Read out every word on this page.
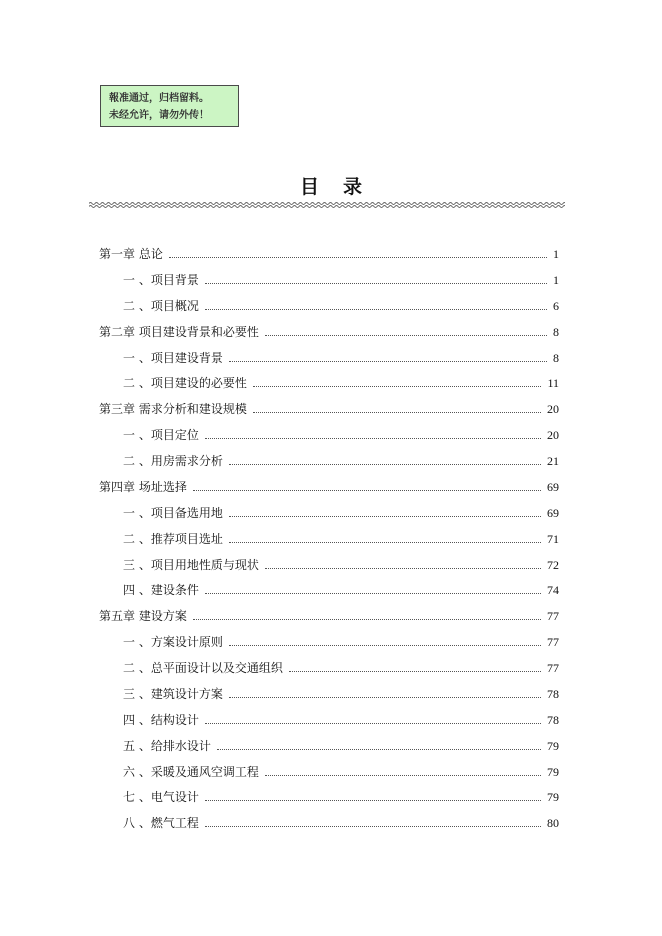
報准通过，归档留料。
未经允许，请勿外传！
目录
第一章 总论	1
一 、项目背景	1
二 、项目概况	6
第二章 项目建设背景和必要性	8
一 、项目建设背景	8
二 、项目建设的必要性	11
第三章 需求分析和建设规模	20
一 、项目定位	20
二 、用房需求分析	21
第四章 场址选择	69
一 、项目备选用地	69
二 、推荐项目选址	71
三 、项目用地性质与现状	72
四 、建设条件	74
第五章 建设方案	77
一 、方案设计原则	77
二 、总平面设计以及交通组织	77
三 、建筑设计方案	78
四 、结构设计	78
五 、给排水设计	79
六 、采暖及通风空调工程	79
七 、电气设计	79
八 、燃气工程	80
